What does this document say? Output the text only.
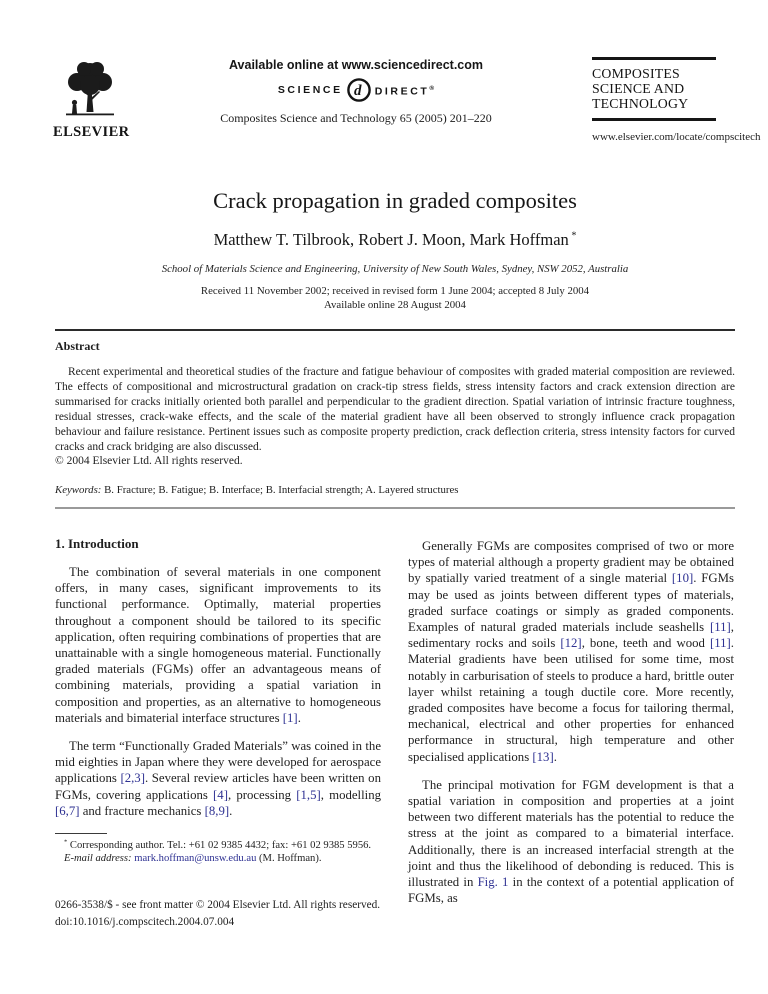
ELSEVIER
Available online at www.sciencedirect.com
SCIENCE d DIRECT®
Composites Science and Technology 65 (2005) 201–220
COMPOSITES
SCIENCE AND
TECHNOLOGY
www.elsevier.com/locate/compscitech
Crack propagation in graded composites
Matthew T. Tilbrook, Robert J. Moon, Mark Hoffman *
School of Materials Science and Engineering, University of New South Wales, Sydney, NSW 2052, Australia
Received 11 November 2002; received in revised form 1 June 2004; accepted 8 July 2004
Available online 28 August 2004
Abstract

Recent experimental and theoretical studies of the fracture and fatigue behaviour of composites with graded material composition are reviewed. The effects of compositional and microstructural gradation on crack-tip stress fields, stress intensity factors and crack extension direction are summarised for cracks initially oriented both parallel and perpendicular to the gradient direction. Spatial variation of intrinsic fracture toughness, residual stresses, crack-wake effects, and the scale of the material gradient have all been observed to strongly influence crack propagation behaviour and failure resistance. Pertinent issues such as composite property prediction, crack deflection criteria, stress intensity factors for curved cracks and crack bridging are also discussed.

© 2004 Elsevier Ltd. All rights reserved.

Keywords: B. Fracture; B. Fatigue; B. Interface; B. Interfacial strength; A. Layered structures

1. Introduction

The combination of several materials in one component offers, in many cases, significant improvements to its functional performance. Optimally, material properties throughout a component should be tailored to its specific application, often requiring combinations of properties that are unattainable with a single homogeneous material. Functionally graded materials (FGMs) offer an advantageous means of combining materials, providing a spatial variation in composition and properties, as an alternative to homogeneous materials and bimaterial interface structures [1].

The term “Functionally Graded Materials” was coined in the mid eighties in Japan where they were developed for aerospace applications [2,3]. Several review articles have been written on FGMs, covering applications [4], processing [1,5], modelling [6,7] and fracture mechanics [8,9].

* Corresponding author. Tel.: +61 02 9385 4432; fax: +61 02 9385 5956.

E-mail address: mark.hoffman@unsw.edu.au (M. Hoffman).

Generally FGMs are composites comprised of two or more types of material although a property gradient may be obtained by spatially varied treatment of a single material [10]. FGMs may be used as joints between different types of materials, graded surface coatings or simply as graded components. Examples of natural graded materials include seashells [11], sedimentary rocks and soils [12], bone, teeth and wood [11]. Material gradients have been utilised for some time, most notably in carburisation of steels to produce a hard, brittle outer layer whilst retaining a tough ductile core. More recently, graded composites have become a focus for tailoring thermal, mechanical, electrical and other properties for enhanced performance in structural, high temperature and other specialised applications [13].

The principal motivation for FGM development is that a spatial variation in composition and properties at a joint between two different materials has the potential to reduce the stress at the joint as compared to a bimaterial interface. Additionally, there is an increased interfacial strength at the joint and thus the likelihood of debonding is reduced. This is illustrated in Fig. 1 in the context of a potential application of FGMs, as

0266-3538/$ - see front matter © 2004 Elsevier Ltd. All rights reserved.
doi:10.1016/j.compscitech.2004.07.004
